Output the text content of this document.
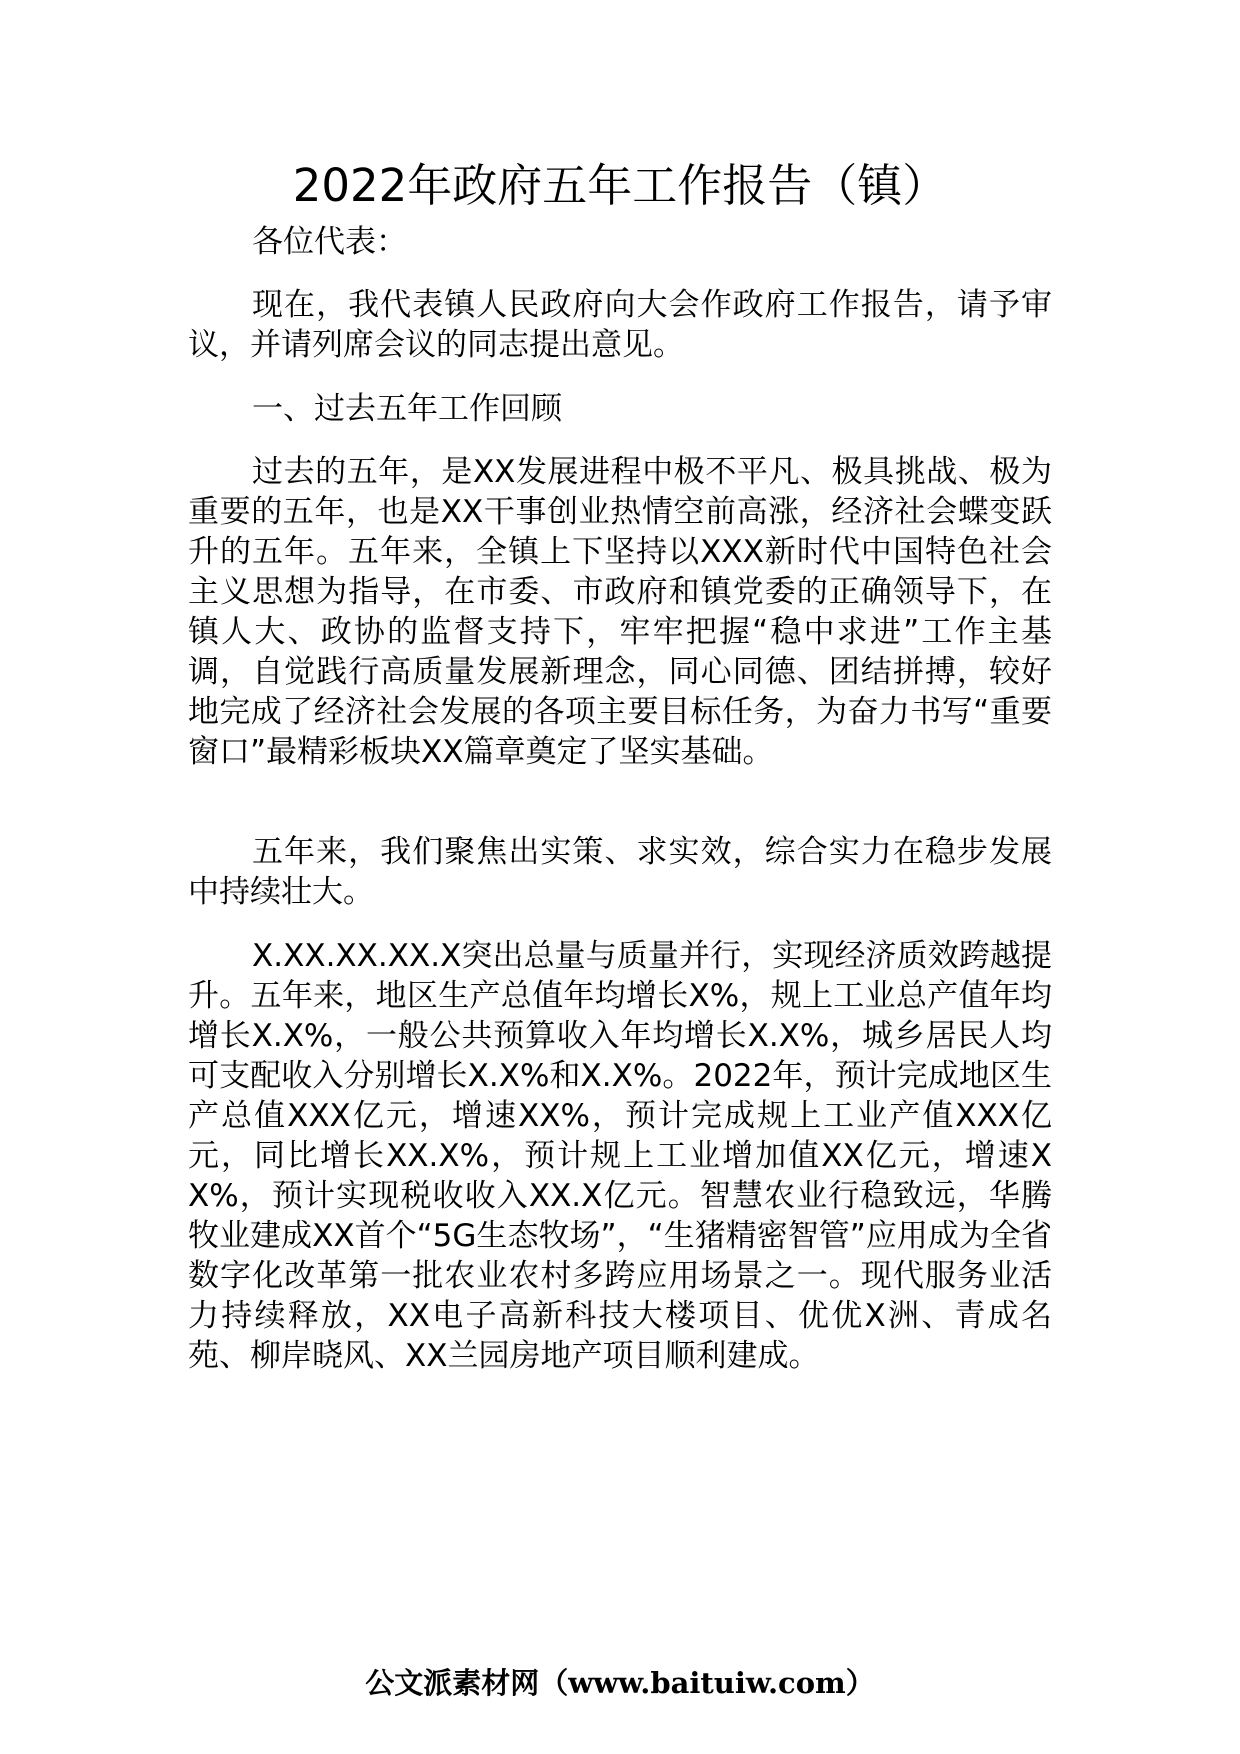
2022年政府五年工作报告（镇）

各位代表：

现在，我代表镇人民政府向大会作政府工作报告，请予审议，并请列席会议的同志提出意见。

一、过去五年工作回顾

过去的五年，是XX发展进程中极不平凡、极具挑战、极为重要的五年，也是XX干事创业热情空前高涨，经济社会蝶变跃升的五年。五年来，全镇上下坚持以XXX新时代中国特色社会主义思想为指导，在市委、市政府和镇党委的正确领导下，在镇人大、政协的监督支持下，牢牢把握“稳中求进”工作主基调，自觉践行高质量发展新理念，同心同德、团结拼搏，较好地完成了经济社会发展的各项主要目标任务，为奋力书写“重要窗口”最精彩板块XX篇章奠定了坚实基础。

五年来，我们聚焦出实策、求实效，综合实力在稳步发展中持续壮大。

X.XX.XX.XX.X突出总量与质量并行，实现经济质效跨越提升。五年来，地区生产总值年均增长X%，规上工业总产值年均增长X.X%，一般公共预算收入年均增长X.X%，城乡居民人均可支配收入分别增长X.X%和X.X%。2022年，预计完成地区生产总值XXX亿元，增速XX%，预计完成规上工业产值XXX亿元，同比增长XX.X%，预计规上工业增加值XX亿元，增速XX%，预计实现税收收入XX.X亿元。智慧农业行稳致远，华腾牧业建成XX首个“5G生态牧场”，“生猪精密智管”应用成为全省数字化改革第一批农业农村多跨应用场景之一。现代服务业活力持续释放，XX电子高新科技大楼项目、优优X洲、青成名苑、柳岸晓风、XX兰园房地产项目顺利建成。

公文派素材网（www.baituiw.com）
